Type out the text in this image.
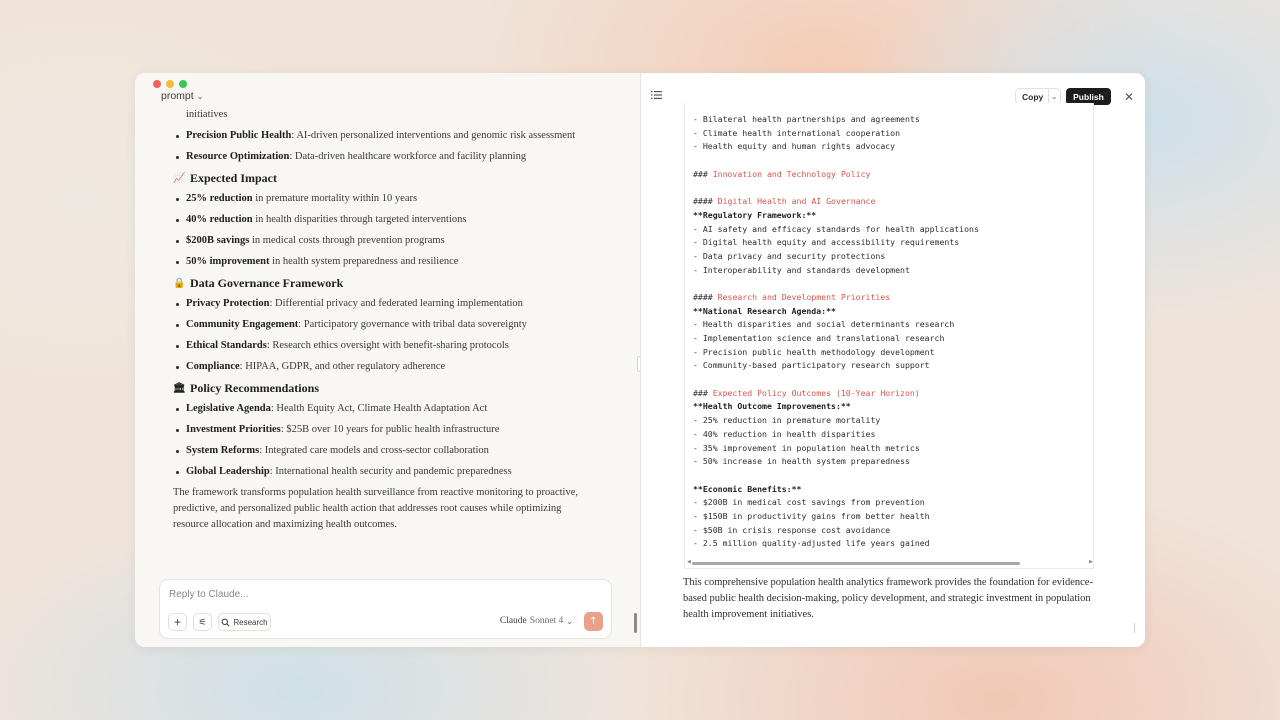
prompt ⌄
initiatives
Precision Public Health: AI-driven personalized interventions and genomic risk assessment
Resource Optimization: Data-driven healthcare workforce and facility planning
📈 Expected Impact
25% reduction in premature mortality within 10 years
40% reduction in health disparities through targeted interventions
$200B savings in medical costs through prevention programs
50% improvement in health system preparedness and resilience
🔒 Data Governance Framework
Privacy Protection: Differential privacy and federated learning implementation
Community Engagement: Participatory governance with tribal data sovereignty
Ethical Standards: Research ethics oversight with benefit-sharing protocols
Compliance: HIPAA, GDPR, and other regulatory adherence
🏛 Policy Recommendations
Legislative Agenda: Health Equity Act, Climate Health Adaptation Act
Investment Priorities: $25B over 10 years for public health infrastructure
System Reforms: Integrated care models and cross-sector collaboration
Global Leadership: International health security and pandemic preparedness

The framework transforms population health surveillance from reactive monitoring to proactive, predictive, and personalized public health action that addresses root causes while optimizing resource allocation and maximizing health outcomes.

Reply to Claude...
+	⚟	Research	Claude Sonnet 4 ⌄ ↑
Copy	⌄	Publish	✕
- Bilateral health partnerships and agreements
- Climate health international cooperation
- Health equity and human rights advocacy
### Innovation and Technology Policy
#### Digital Health and AI Governance
**Regulatory Framework:**
- AI safety and efficacy standards for health applications
- Digital health equity and accessibility requirements
- Data privacy and security protections
- Interoperability and standards development
#### Research and Development Priorities
**National Research Agenda:**
- Health disparities and social determinants research
- Implementation science and translational research
- Precision public health methodology development
- Community-based participatory research support
### Expected Policy Outcomes (10-Year Horizon)
**Health Outcome Improvements:**
- 25% reduction in premature mortality
- 40% reduction in health disparities
- 35% improvement in population health metrics
- 50% increase in health system preparedness
**Economic Benefits:**
- $200B in medical cost savings from prevention
- $150B in productivity gains from better health
- $50B in crisis response cost avoidance
- 2.5 million quality-adjusted life years gained
◀	▶

This comprehensive population health analytics framework provides the foundation for evidence-based public health decision-making, policy development, and strategic investment in population health improvement initiatives.
